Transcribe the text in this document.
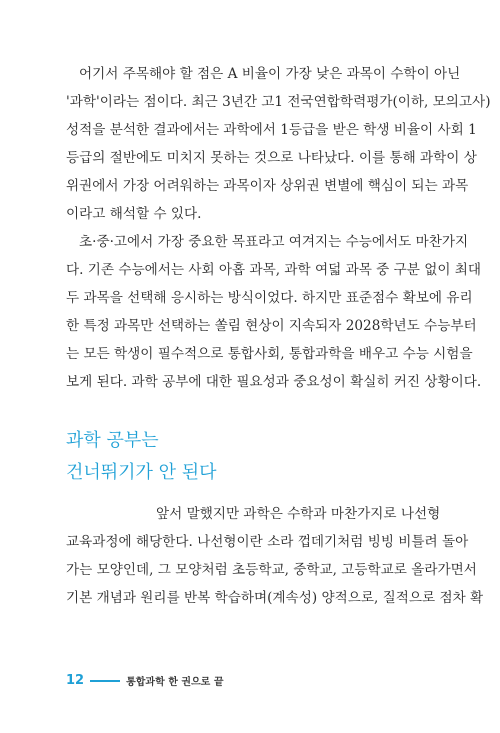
어기서 주목해야 할 점은 A 비율이 가장 낮은 과목이 수학이 아닌
'과학'이라는 점이다. 최근 3년간 고1 전국연합학력평가(이하, 모의고사)
성적을 분석한 결과에서는 과학에서 1등급을 받은 학생 비율이 사회 1
등급의 절반에도 미치지 못하는 것으로 나타났다. 이를 통해 과학이 상
위권에서 가장 어려워하는 과목이자 상위권 변별에 핵심이 되는 과목
이라고 해석할 수 있다.
초·중·고에서 가장 중요한 목표라고 여겨지는 수능에서도 마찬가지
다. 기존 수능에서는 사회 아홉 과목, 과학 여덟 과목 중 구분 없이 최대
두 과목을 선택해 응시하는 방식이었다. 하지만 표준점수 확보에 유리
한 특정 과목만 선택하는 쏠림 현상이 지속되자 2028학년도 수능부터
는 모든 학생이 필수적으로 통합사회, 통합과학을 배우고 수능 시험을
보게 된다. 과학 공부에 대한 필요성과 중요성이 확실히 커진 상황이다.
과학 공부는
건너뛰기가 안 된다
앞서 말했지만 과학은 수학과 마찬가지로 나선형
교육과정에 해당한다. 나선형이란 소라 껍데기처럼 빙빙 비틀려 돌아
가는 모양인데, 그 모양처럼 초등학교, 중학교, 고등학교로 올라가면서
기본 개념과 원리를 반복 학습하며(계속성) 양적으로, 질적으로 점차 확
12	통합과학 한 권으로 끝
